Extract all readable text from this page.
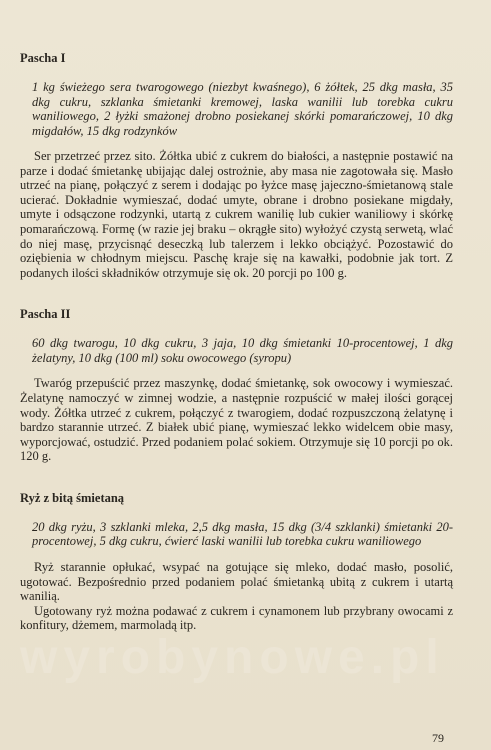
Pascha I
1 kg świeżego sera twarogowego (niezbyt kwaśnego), 6 żółtek, 25 dkg masła, 35 dkg cukru, szklanka śmietanki kremowej, laska wanilii lub torebka cukru waniliowego, 2 łyżki smażonej drobno posiekanej skórki pomarańczowej, 10 dkg migdałów, 15 dkg rodzynków

Ser przetrzeć przez sito. Żółtka ubić z cukrem do białości, a następnie postawić na parze i dodać śmietankę ubijając dalej ostrożnie, aby masa nie zagotowała się. Masło utrzeć na pianę, połączyć z serem i dodając po łyżce masę jajeczno-śmietanową stale ucierać. Dokładnie wymieszać, dodać umyte, obrane i drobno posiekane migdały, umyte i odsączone rodzynki, utartą z cukrem wanilię lub cukier waniliowy i skórkę pomarańczową. Formę (w razie jej braku – okrągłe sito) wyłożyć czystą serwetą, wlać do niej masę, przycisnąć deseczką lub talerzem i lekko obciążyć. Pozostawić do oziębienia w chłodnym miejscu. Paschę kraje się na kawałki, podobnie jak tort. Z podanych ilości składników otrzymuje się ok. 20 porcji po 100 g.

Pascha II
60 dkg twarogu, 10 dkg cukru, 3 jaja, 10 dkg śmietanki 10-procentowej, 1 dkg żelatyny, 10 dkg (100 ml) soku owocowego (syropu)

Twaróg przepuścić przez maszynkę, dodać śmietankę, sok owocowy i wymieszać. Żelatynę namoczyć w zimnej wodzie, a następnie rozpuścić w małej ilości gorącej wody. Żółtka utrzeć z cukrem, połączyć z twarogiem, dodać rozpuszczoną żelatynę i bardzo starannie utrzeć. Z białek ubić pianę, wymieszać lekko widelcem obie masy, wyporcjować, ostudzić. Przed podaniem polać sokiem. Otrzymuje się 10 porcji po ok. 120 g.

Ryż z bitą śmietaną
20 dkg ryżu, 3 szklanki mleka, 2,5 dkg masła, 15 dkg (3/4 szklanki) śmietanki 20-procentowej, 5 dkg cukru, ćwierć laski wanilii lub torebka cukru waniliowego

Ryż starannie opłukać, wsypać na gotujące się mleko, dodać masło, posolić, ugotować. Bezpośrednio przed podaniem polać śmietanką ubitą z cukrem i utartą wanilią.

Ugotowany ryż można podawać z cukrem i cynamonem lub przybrany owocami z konfitury, dżemem, marmoladą itp.

wyrobynowe.pl
79
